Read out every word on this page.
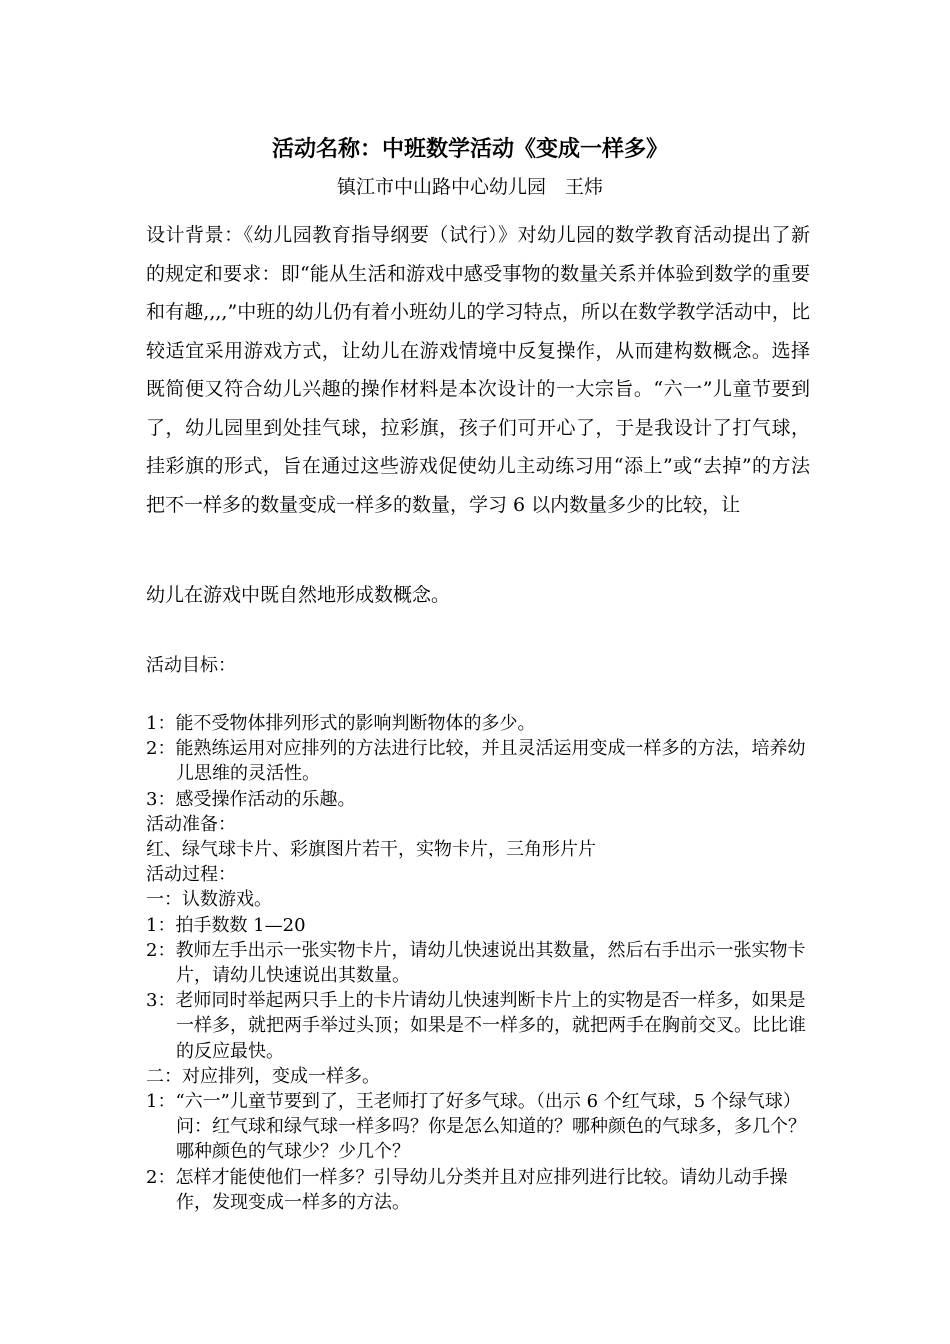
活动名称：中班数学活动《变成一样多》
镇江市中山路中心幼儿园　王炜

设计背景：《幼儿园教育指导纲要（试行）》对幼儿园的数学教育活动提出了新的规定和要求：即“能从生活和游戏中感受事物的数量关系并体验到数学的重要和有趣,,,,”中班的幼儿仍有着小班幼儿的学习特点，所以在数学教学活动中，比较适宜采用游戏方式，让幼儿在游戏情境中反复操作，从而建构数概念。选择既简便又符合幼儿兴趣的操作材料是本次设计的一大宗旨。“六一”儿童节要到了，幼儿园里到处挂气球，拉彩旗，孩子们可开心了，于是我设计了打气球，挂彩旗的形式，旨在通过这些游戏促使幼儿主动练习用“添上”或“去掉”的方法把不一样多的数量变成一样多的数量，学习 6 以内数量多少的比较，让

幼儿在游戏中既自然地形成数概念。

活动目标：

1：能不受物体排列形式的影响判断物体的多少。

2：能熟练运用对应排列的方法进行比较，并且灵活运用变成一样多的方法，培养幼儿思维的灵活性。

3：感受操作活动的乐趣。

活动准备：

红、绿气球卡片、彩旗图片若干，实物卡片，三角形片片

活动过程：

一：认数游戏。

1：拍手数数 1—20

2：教师左手出示一张实物卡片，请幼儿快速说出其数量，然后右手出示一张实物卡片，请幼儿快速说出其数量。

3：老师同时举起两只手上的卡片请幼儿快速判断卡片上的实物是否一样多，如果是一样多，就把两手举过头顶；如果是不一样多的，就把两手在胸前交叉。比比谁的反应最快。

二：对应排列，变成一样多。

1：“六一”儿童节要到了，王老师打了好多气球。（出示 6 个红气球，5 个绿气球）问：红气球和绿气球一样多吗？你是怎么知道的？哪种颜色的气球多，多几个？哪种颜色的气球少？少几个？

2：怎样才能使他们一样多？引导幼儿分类并且对应排列进行比较。请幼儿动手操作，发现变成一样多的方法。
